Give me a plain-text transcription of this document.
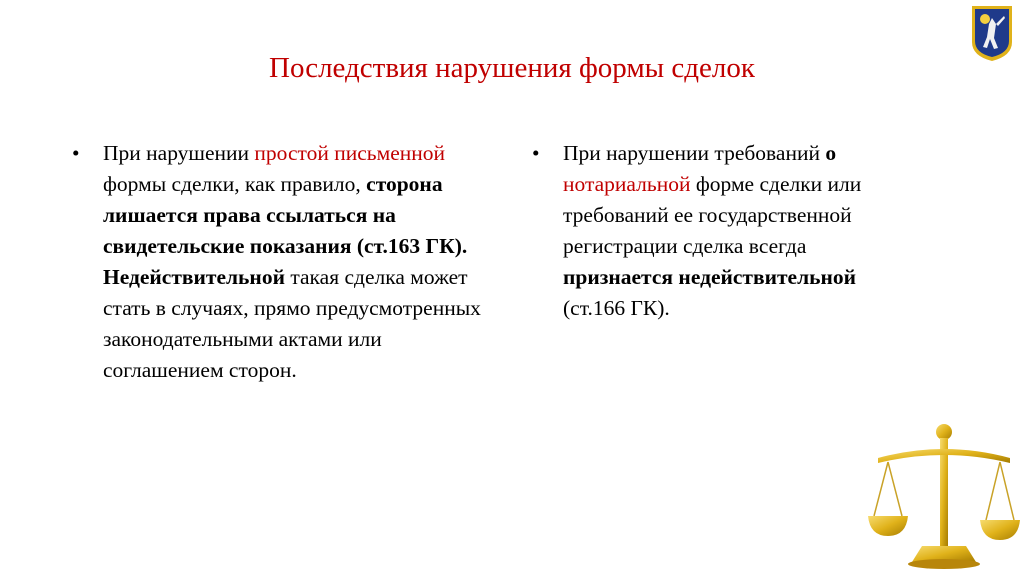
Последствия нарушения формы сделок
• При нарушении простой письменной формы сделки, как правило, сторона лишается права ссылаться на свидетельские показания (ст.163 ГК). Недействительной такая сделка может стать в случаях, прямо предусмотренных законодательными актами или соглашением сторон.
• При нарушении требований о нотариальной форме сделки или требований ее государственной регистрации сделка всегда признается недействительной (ст.166 ГК).
